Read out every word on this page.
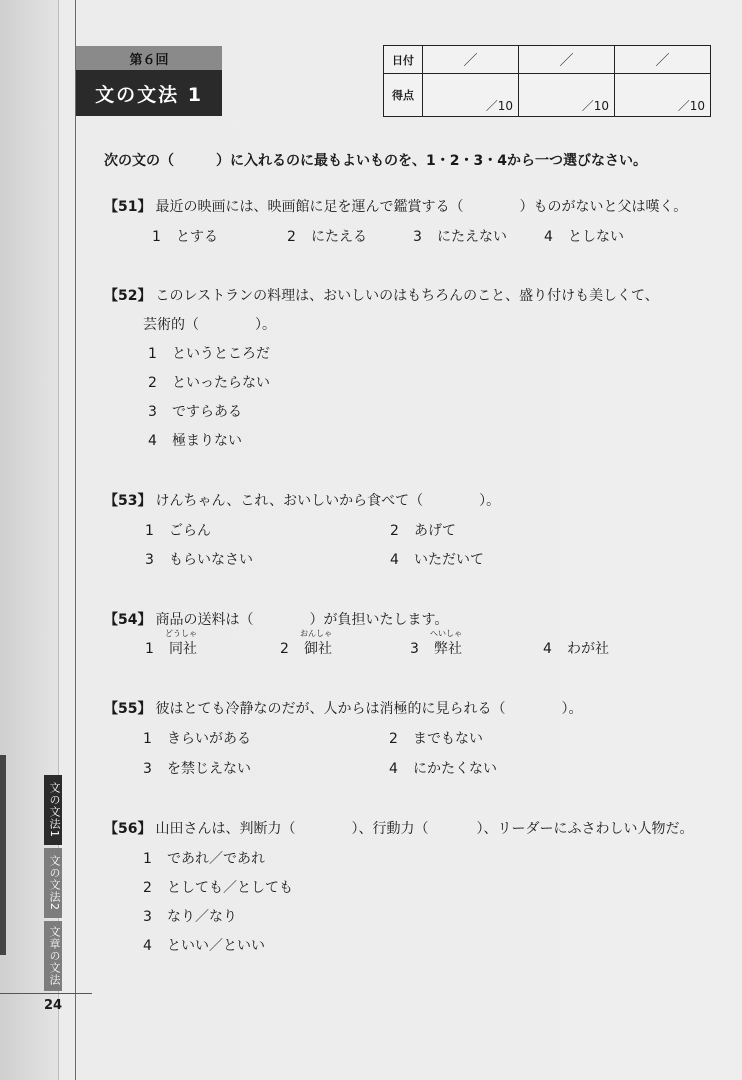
文の文法1
文の文法2
文章の文法
24
第６回
文の文法 1
日付	／	／	／

得点	／10	／10	／10
次の文の（　　　）に入れるのに最もよいものを、1・2・3・4から一つ選びなさい。
【51】 最近の映画には、映画館に足を運んで鑑賞する（	）ものがないと父は嘆く。
1 とする	2 にたえる	3 にたえない	4 としない
【52】 このレストランの料理は、おいしいのはもちろんのこと、盛り付けも美しくて、
芸術的（	）。
1 というところだ
2 といったらない
3 ですらある
4 極まりない
【53】 けんちゃん、これ、おいしいから食べて（	）。
1 ごらん	2 あげて
3 もらいなさい	4 いただいて
【54】 商品の送料は（	）が負担いたします。
1
どうしゃ
同社	2
おんしゃ
御社	3
へいしゃ
弊社	4 わが社
【55】 彼はとても冷静なのだが、人からは消極的に見られる（	）。
1 きらいがある	2 までもない
3 を禁じえない	4 にかたくない
【56】 山田さんは、判断力（	）、行動力（	）、リーダーにふさわしい人物だ。
1 であれ／であれ
2 としても／としても
3 なり／なり
4 といい／といい
